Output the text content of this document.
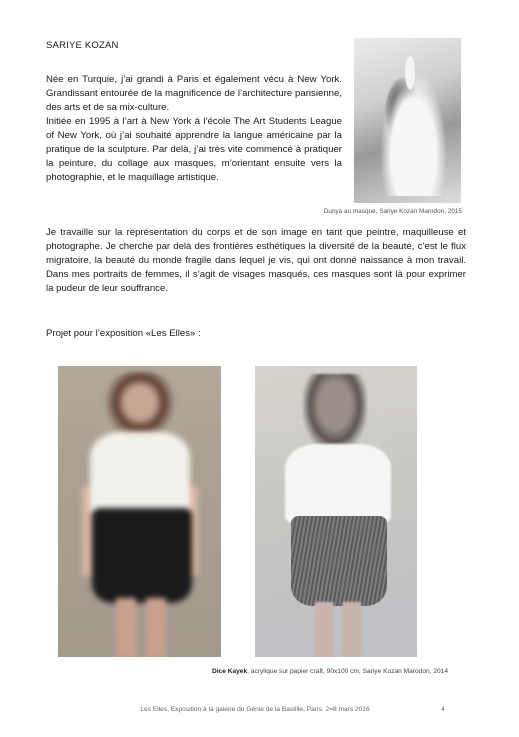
SARIYE KOZAN

Née en Turquie, j’ai grandi à Paris et également vécu à New York. Grandissant entourée de la magnificence de l’architecture parisienne, des arts et de sa mix-culture.

Initiée en 1995 à l’art à New York à l’école The Art Students League of New York, où j’ai souhaité apprendre la langue américaine par la pratique de la sculpture. Par delà, j’ai très vite commencé à pratiquer la peinture, du collage aux masques, m’orientant ensuite vers la photographie, et le maquillage artistique.

Dunya au masque, Sariye Kozan Marodon, 2015

Je travaille sur la représentation du corps et de son image en tant que peintre, maquilleuse et photographe. Je cherche par delà des frontières esthétiques la diversité de la beauté, c’est le flux migratoire, la beauté du monde fragile dans lequel je vis, qui ont donné naissance à mon travail. Dans mes portraits de femmes, il s’agit de visages masqués, ces masques sont là pour exprimer la pudeur de leur souffrance.

Projet pour l’exposition «Les Elles» :
Dice Kayek, acrylique sur papier craft, 90x100 cm, Sariye Kozan Marodon, 2014
Les Elles, Exposition à la galerie du Génie de la Bastille, Paris. 2=8 mars 2016	4
